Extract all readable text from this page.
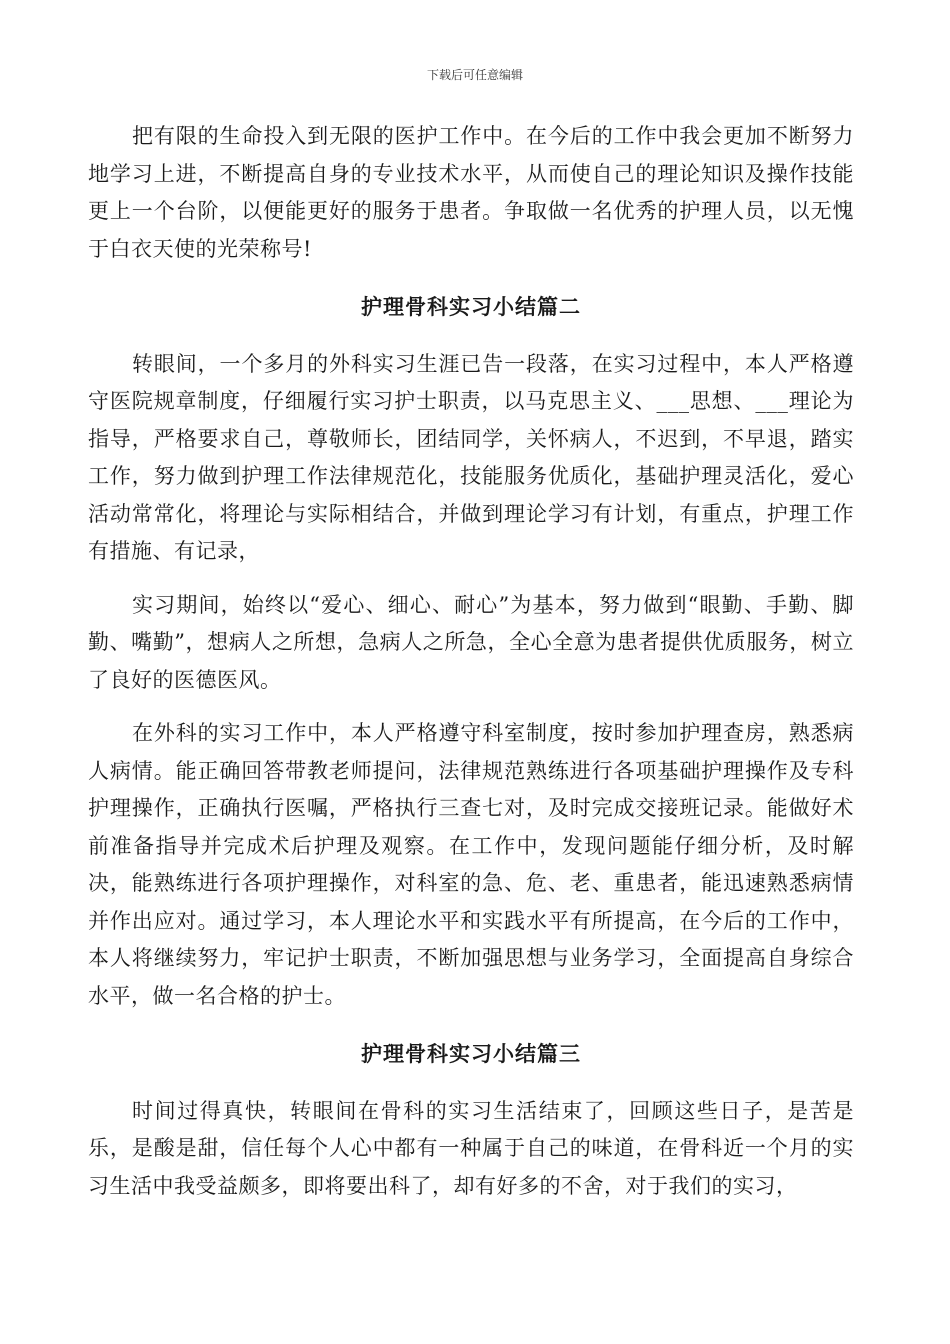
下载后可任意编辑

把有限的生命投入到无限的医护工作中。在今后的工作中我会更加不断努力地学习上进，不断提高自身的专业技术水平，从而使自己的理论知识及操作技能更上一个台阶，以便能更好的服务于患者。争取做一名优秀的护理人员，以无愧于白衣天使的光荣称号!

护理骨科实习小结篇二

转眼间，一个多月的外科实习生涯已告一段落，在实习过程中，本人严格遵守医院规章制度，仔细履行实习护士职责，以马克思主义、___思想、___理论为指导，严格要求自己，尊敬师长，团结同学，关怀病人，不迟到，不早退，踏实工作，努力做到护理工作法律规范化，技能服务优质化，基础护理灵活化，爱心活动常常化，将理论与实际相结合，并做到理论学习有计划，有重点，护理工作有措施、有记录，

实习期间，始终以“爱心、细心、耐心”为基本，努力做到“眼勤、手勤、脚勤、嘴勤”，想病人之所想，急病人之所急，全心全意为患者提供优质服务，树立了良好的医德医风。

在外科的实习工作中，本人严格遵守科室制度，按时参加护理查房，熟悉病人病情。能正确回答带教老师提问，法律规范熟练进行各项基础护理操作及专科护理操作，正确执行医嘱，严格执行三查七对，及时完成交接班记录。能做好术前准备指导并完成术后护理及观察。在工作中，发现问题能仔细分析，及时解决，能熟练进行各项护理操作，对科室的急、危、老、重患者，能迅速熟悉病情并作出应对。通过学习，本人理论水平和实践水平有所提高，在今后的工作中，本人将继续努力，牢记护士职责，不断加强思想与业务学习，全面提高自身综合水平，做一名合格的护士。

护理骨科实习小结篇三

时间过得真快，转眼间在骨科的实习生活结束了，回顾这些日子，是苦是乐，是酸是甜，信任每个人心中都有一种属于自己的味道，在骨科近一个月的实习生活中我受益颇多，即将要出科了，却有好多的不舍，对于我们的实习，
